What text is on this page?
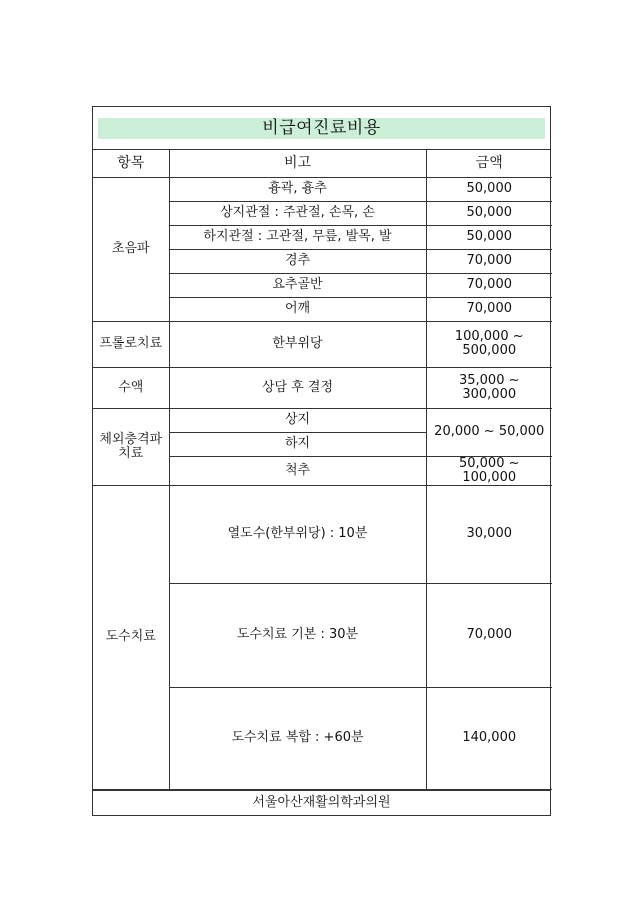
비급여진료비용
항목	비고	금액
초음파	흉곽, 흉추	50,000
	상지관절 : 주관절, 손목, 손	50,000
	하지관절 : 고관절, 무릎, 발목, 발	50,000
	경추	70,000
	요추골반	70,000
	어깨	70,000
프롤로치료	한부위당	100,000 ~
500,000

수액	상담 후 결정	35,000 ~
300,000

체외충격파
치료	상지	20,000 ~ 50,000
	하지	
	척추	50,000 ~
100,000

도수치료	열도수(한부위당) : 10분	30,000
	도수치료 기본 : 30분	70,000
	도수치료 복합 : +60분	140,000
서울아산재활의학과의원
